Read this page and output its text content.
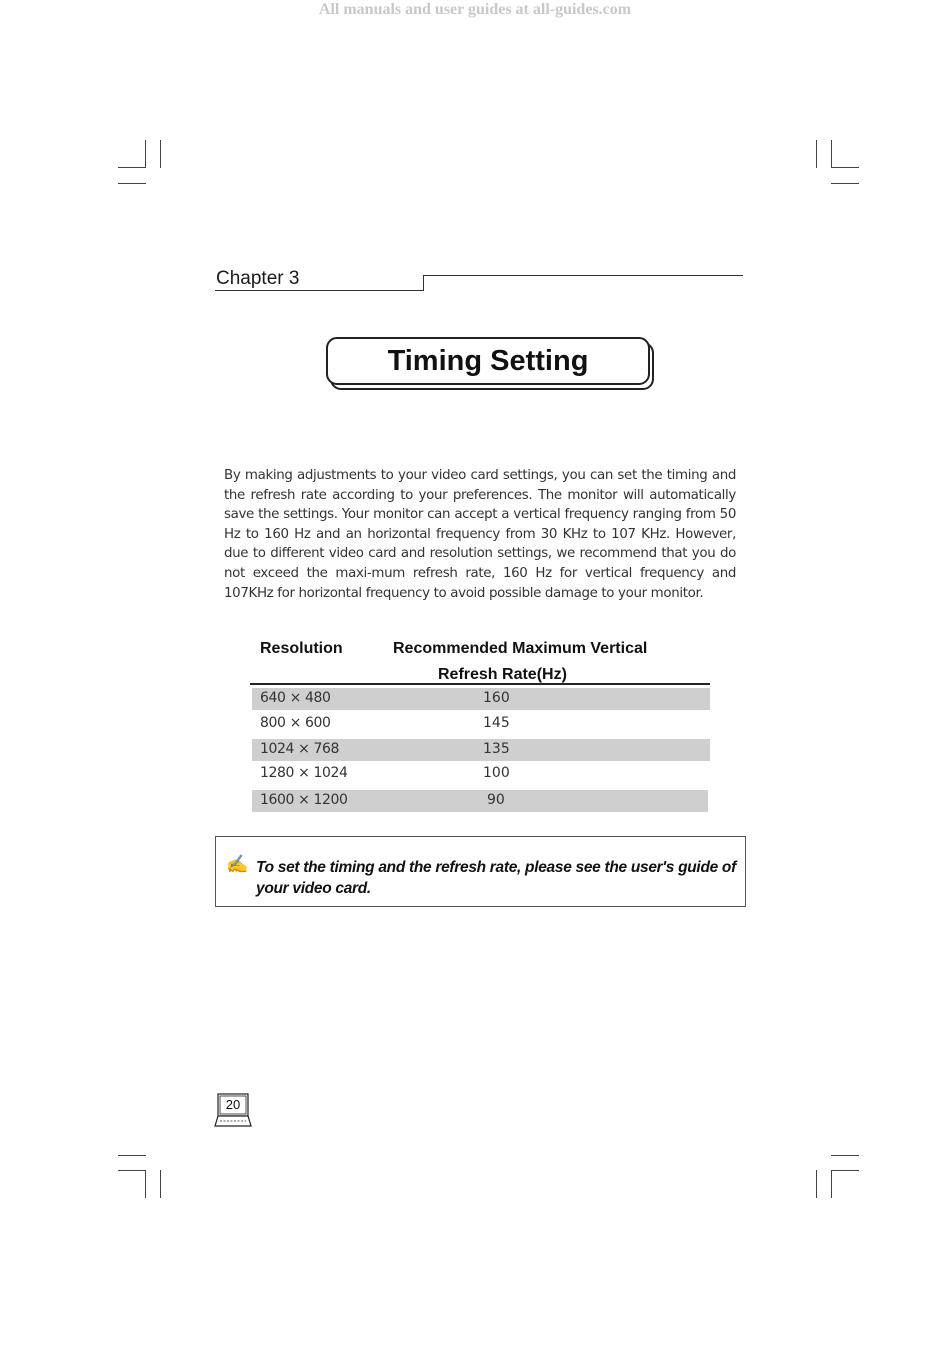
All manuals and user guides at all-guides.com
Chapter 3
Timing Setting

By making adjustments to your video card settings, you can set the timing and the refresh rate according to your preferences. The monitor will automatically save the settings. Your monitor can accept a vertical frequency ranging from 50 Hz to 160 Hz and an horizontal frequency from 30 KHz to 107 KHz. However, due to different video card and resolution settings, we recommend that you do not exceed the maxi-mum refresh rate, 160 Hz for vertical frequency and 107KHz for horizontal frequency to avoid possible damage to your monitor.

Resolution	Recommended Maximum Vertical
Refresh Rate(Hz)
640 × 480	160
800 × 600	145
1024 × 768	135
1280 × 1024	100
1600 × 1200	90
✍ To set the timing and the refresh rate, please see the user's guide of your video card.

20
